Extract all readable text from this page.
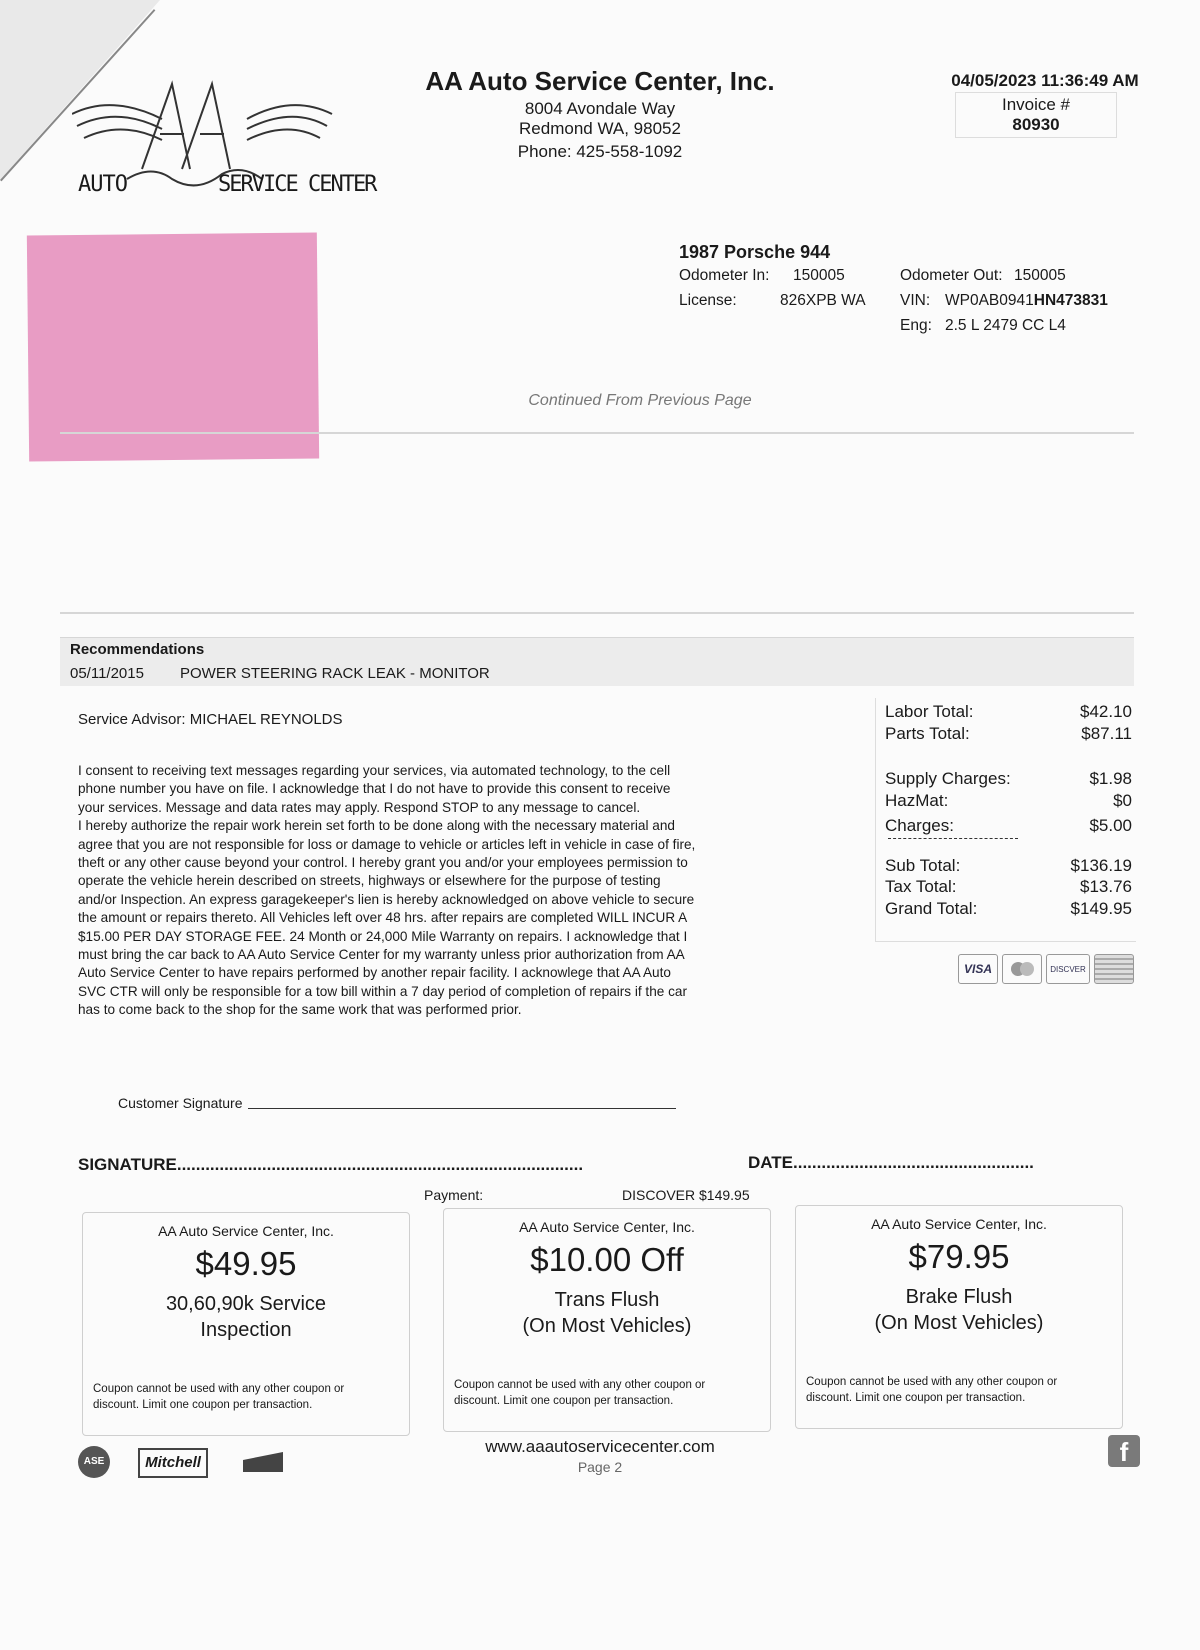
AUTO	SERVICE CENTER
AA Auto Service Center, Inc.
8004 Avondale Way
Redmond WA, 98052
Phone: 425-558-1092
04/05/2023 11:36:49 AM
Invoice #
80930
1987 Porsche 944
Odometer In: 150005
License:	826XPB WA
Odometer Out: 150005
VIN: WP0AB0941HN473831
Eng: 2.5 L 2479 CC L4
Continued From Previous Page
Recommendations
05/11/2015 POWER STEERING RACK LEAK - MONITOR
Service Advisor: MICHAEL REYNOLDS
I consent to receiving text messages regarding your services, via automated technology, to the cell phone number you have on file. I acknowledge that I do not have to provide this consent to receive your services. Message and data rates may apply. Respond STOP to any message to cancel.
I hereby authorize the repair work herein set forth to be done along with the necessary material and agree that you are not responsible for loss or damage to vehicle or articles left in vehicle in case of fire, theft or any other cause beyond your control. I hereby grant you and/or your employees permission to operate the vehicle herein described on streets, highways or elsewhere for the purpose of testing and/or Inspection. An express garagekeeper's lien is hereby acknowledged on above vehicle to secure the amount or repairs thereto. All Vehicles left over 48 hrs. after repairs are completed WILL INCUR A $15.00 PER DAY STORAGE FEE. 24 Month or 24,000 Mile Warranty on repairs. I acknowledge that I must bring the car back to AA Auto Service Center for my warranty unless prior authorization from AA Auto Service Center to have repairs performed by another repair facility. I acknowlege that AA Auto SVC CTR will only be responsible for a tow bill within a 7 day period of completion of repairs if the car has to come back to the shop for the same work that was performed prior.
Customer Signature
Labor Total:	$42.10
Parts Total:	$87.11
Supply Charges:	$1.98
HazMat:	$0
Charges:	$5.00
Sub Total:	$136.19
Tax Total:	$13.76
Grand Total:	$149.95
VISA	DISCVER
SIGNATURE......................................................................................	DATE...................................................
Payment:	DISCOVER $149.95
AA Auto Service Center, Inc.
$49.95
30,60,90k Service
Inspection
Coupon cannot be used with any other coupon or discount. Limit one coupon per transaction.
AA Auto Service Center, Inc.
$10.00 Off
Trans Flush
(On Most Vehicles)
Coupon cannot be used with any other coupon or discount. Limit one coupon per transaction.
AA Auto Service Center, Inc.
$79.95
Brake Flush
(On Most Vehicles)
Coupon cannot be used with any other coupon or discount. Limit one coupon per transaction.
ASE	Mitchell
www.aaautoservicecenter.com
Page 2	f
